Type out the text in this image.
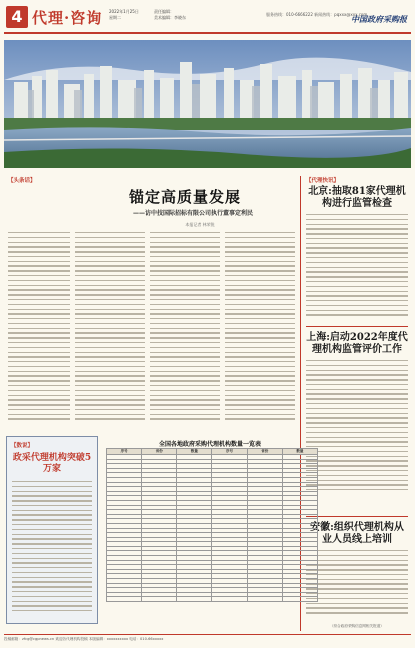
4 代理·咨询 2022年1月25日
星期二
责任编辑：
美术编辑：李晓东
服务热线：010-6666222 新闻热线：pqxxx@xxx.com
中国政府采购报
【头条话】
锚定高质量发展
——访中技国际招标有限公司执行董事定利民
本报记者 林荣锐
【代理快讯】
北京:抽取81家代理机构进行监管检查
上海:启动2022年度代理机构监管评价工作
安徽:组织代理机构从业人员线上培训
（综合政府采购信息网相关报道）
【数说】
政采代理机构突破5万家
全国各地政府采购代理机构数量一览表
序号	省份	数量	序号	省份	数量

投稿邮箱：zfcg@cgpnews.cn 欢迎各代理机构投稿 本版编辑：xxxxxxxxxx 电话：010-66xxxxx
